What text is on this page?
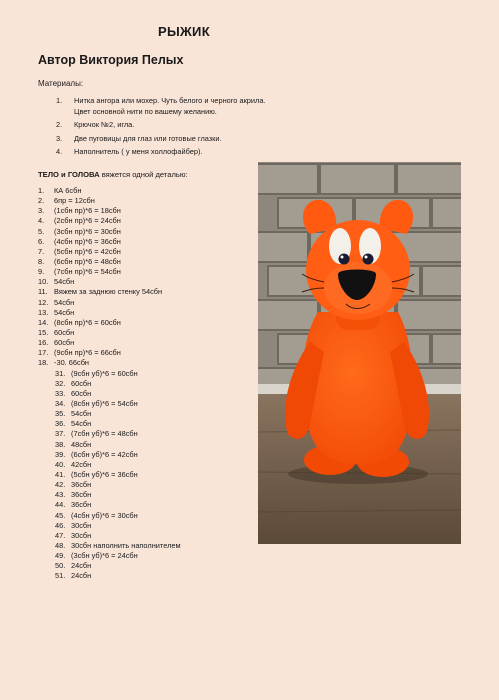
РЫЖИК
Автор Виктория Пелых
Материалы:
1.	Нитка ангора или мохер. Чуть белого и черного акрила.
Цвет основной нити по вашему желанию.
2.	Крючок №2, игла.
3.	Две пуговицы для глаз или готовые глазки.
4.	Наполнитель ( у меня холлофайбер).
ТЕЛО и ГОЛОВА вяжется одной деталью:
1.	КА 6сбн
2.	6пр = 12сбн
3.	(1сбн пр)*6 = 18сбн
4.	(2сбн пр)*6 = 24сбн
5.	(3сбн пр)*6 = 30сбн
6.	(4сбн пр)*6 = 36сбн
7.	(5сбн пр)*6 = 42сбн
8.	(6сбн пр)*6 = 48сбн
9.	(7сбн пр)*6 = 54сбн
10. 54сбн
11. Вяжем за заднюю стенку 54сбн
12. 54сбн
13. 54сбн
14. (8сбн пр)*6 = 60сбн
15. 60сбн
16. 60сбн
17. (9сбн пр)*6 = 66сбн
18. -30. 66сбн
31. (9сбн уб)*6 = 60сбн
32. 60сбн
33. 60сбн
34. (8сбн уб)*6 = 54сбн
35. 54сбн
36. 54сбн
37. (7сбн уб)*6 = 48сбн
38. 48сбн
39. (6сбн уб)*6 = 42сбн
40. 42сбн
41. (5сбн уб)*6 = 36сбн
42. 36сбн
43. 36сбн
44. 36сбн
45. (4сбн уб)*6 = 30сбн
46. 30сбн
47. 30сбн
48. 30сбн наполнить наполнителем
49. (3сбн уб)*6 = 24сбн
50. 24сбн
51. 24сбн
